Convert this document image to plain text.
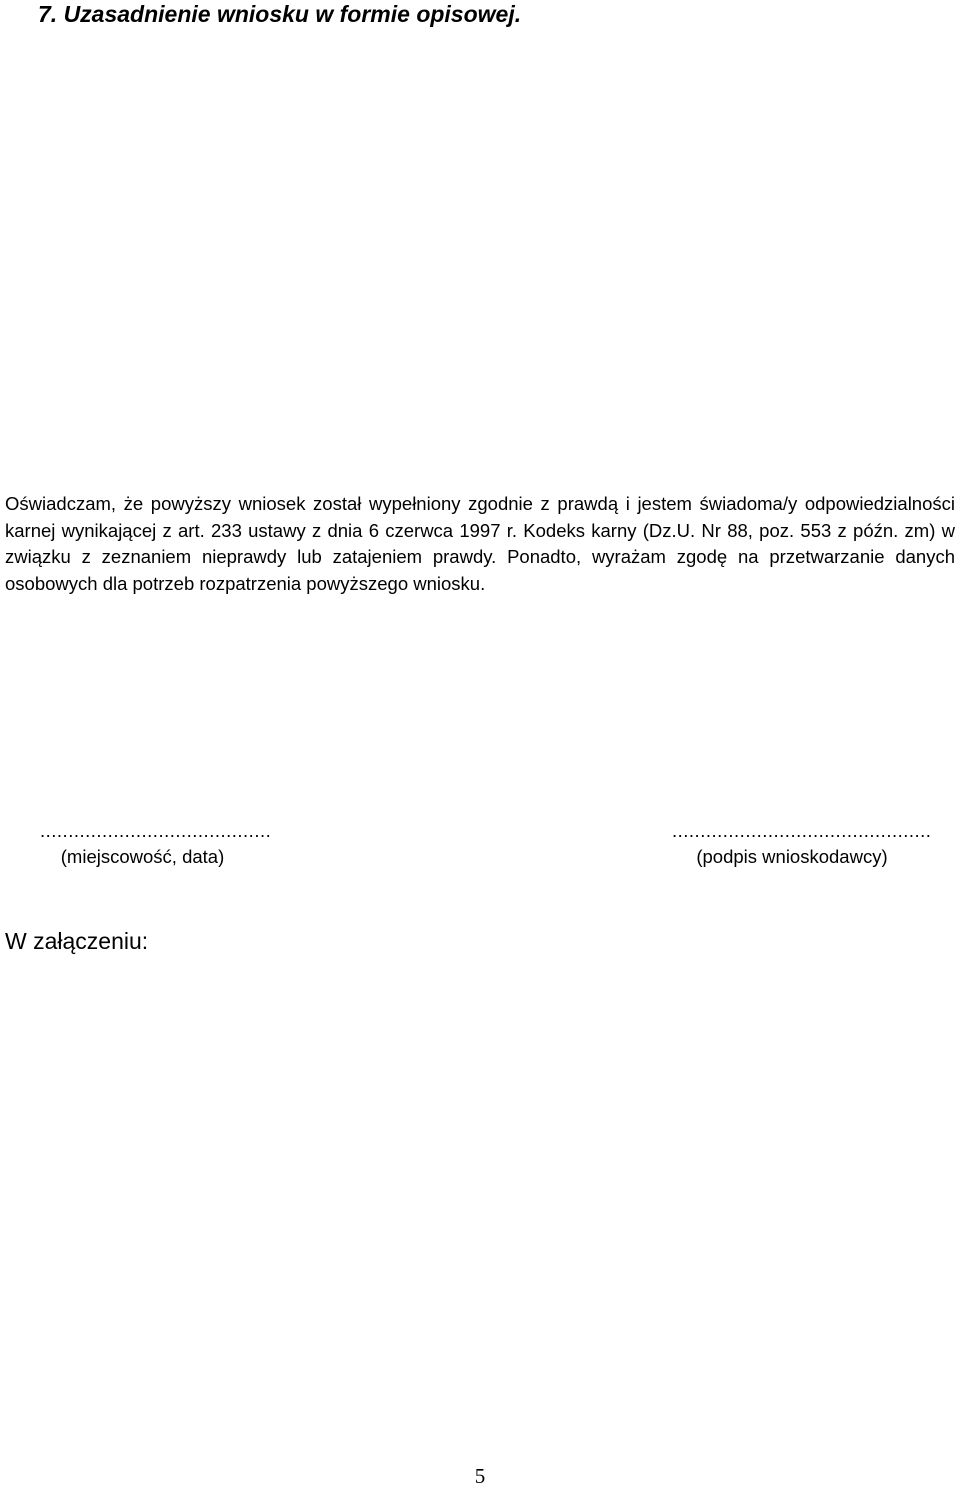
7. Uzasadnienie wniosku w formie opisowej.
Oświadczam, że powyższy wniosek został wypełniony zgodnie z prawdą i jestem świadoma/y odpowiedzialności karnej wynikającej z art. 233 ustawy z dnia 6 czerwca 1997 r. Kodeks karny (Dz.U. Nr 88, poz. 553 z późn. zm) w związku z zeznaniem nieprawdy lub zatajeniem prawdy. Ponadto, wyrażam zgodę na przetwarzanie danych osobowych dla potrzeb rozpatrzenia powyższego wniosku.
.........................................
(miejscowość, data)
..............................................
(podpis wnioskodawcy)
W załączeniu:
5
